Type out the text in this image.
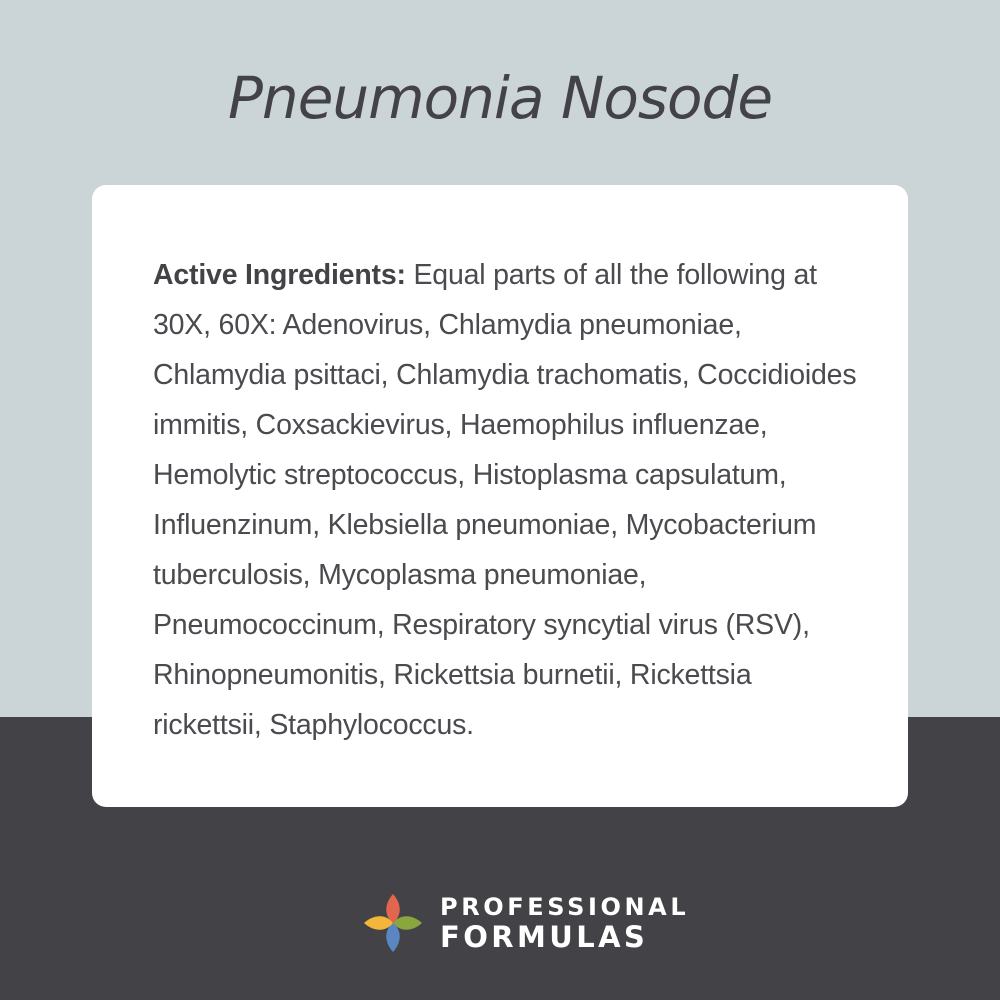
Pneumonia Nosode

Active Ingredients: Equal parts of all the following at 30X, 60X: Adenovirus, Chlamydia pneumoniae, Chlamydia psittaci, Chlamydia trachomatis, Coccidioides immitis, Coxsackievirus, Haemophilus influenzae, Hemolytic streptococcus, Histoplasma capsulatum, Influenzinum, Klebsiella pneumoniae, Mycobacterium tuberculosis, Mycoplasma pneumoniae, Pneumococcinum, Respiratory syncytial virus (RSV), Rhinopneumonitis, Rickettsia burnetii, Rickettsia rickettsii, Staphylococcus.

PROFESSIONAL
FORMULAS
